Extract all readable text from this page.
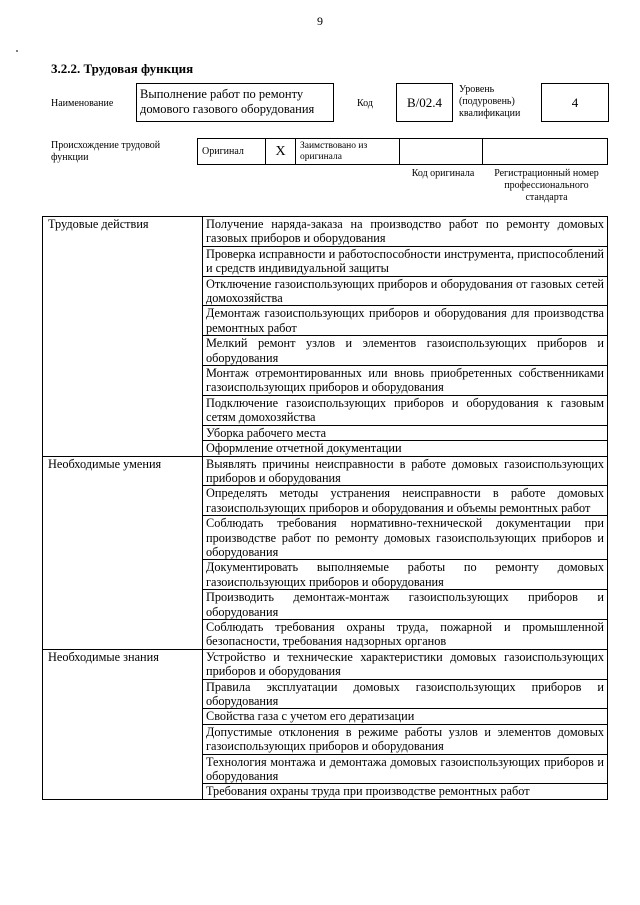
9
3.2.2. Трудовая функция
Наименование
Выполнение работ по ремонту домового газового оборудования	Код	B/02.4
Уровень (подуровень) квалификации
4
Происхождение трудовой функции
Оригинал	X	Заимствовано из оригинала		
Код оригинала	Регистрационный номер профессионального стандарта
Трудовые действия	Получение наряда-заказа на производство работ по ремонту домовых газовых приборов и оборудования
	Проверка исправности и работоспособности инструмента, приспособлений и средств индивидуальной защиты
	Отключение газоиспользующих приборов и оборудования от газовых сетей домохозяйства
	Демонтаж газоиспользующих приборов и оборудования для производства ремонтных работ
	Мелкий ремонт узлов и элементов газоиспользующих приборов и оборудования
	Монтаж отремонтированных или вновь приобретенных собственниками газоиспользующих приборов и оборудования
	Подключение газоиспользующих приборов и оборудования к газовым сетям домохозяйства
	Уборка рабочего места
	Оформление отчетной документации

Необходимые умения	Выявлять причины неисправности в работе домовых газоиспользующих приборов и оборудования
	Определять методы устранения неисправности в работе домовых газоиспользующих приборов и оборудования и объемы ремонтных работ
	Соблюдать требования нормативно-технической документации при производстве работ по ремонту домовых газоиспользующих приборов и оборудования
	Документировать выполняемые работы по ремонту домовых газоиспользующих приборов и оборудования
	Производить демонтаж-монтаж газоиспользующих приборов и оборудования
	Соблюдать требования охраны труда, пожарной и промышленной безопасности, требования надзорных органов

Необходимые знания	Устройство и технические характеристики домовых газоиспользующих приборов и оборудования
	Правила эксплуатации домовых газоиспользующих приборов и оборудования
	Свойства газа с учетом его дератизации
	Допустимые отклонения в режиме работы узлов и элементов домовых газоиспользующих приборов и оборудования
	Технология монтажа и демонтажа домовых газоиспользующих приборов и оборудования
	Требования охраны труда при производстве ремонтных работ
